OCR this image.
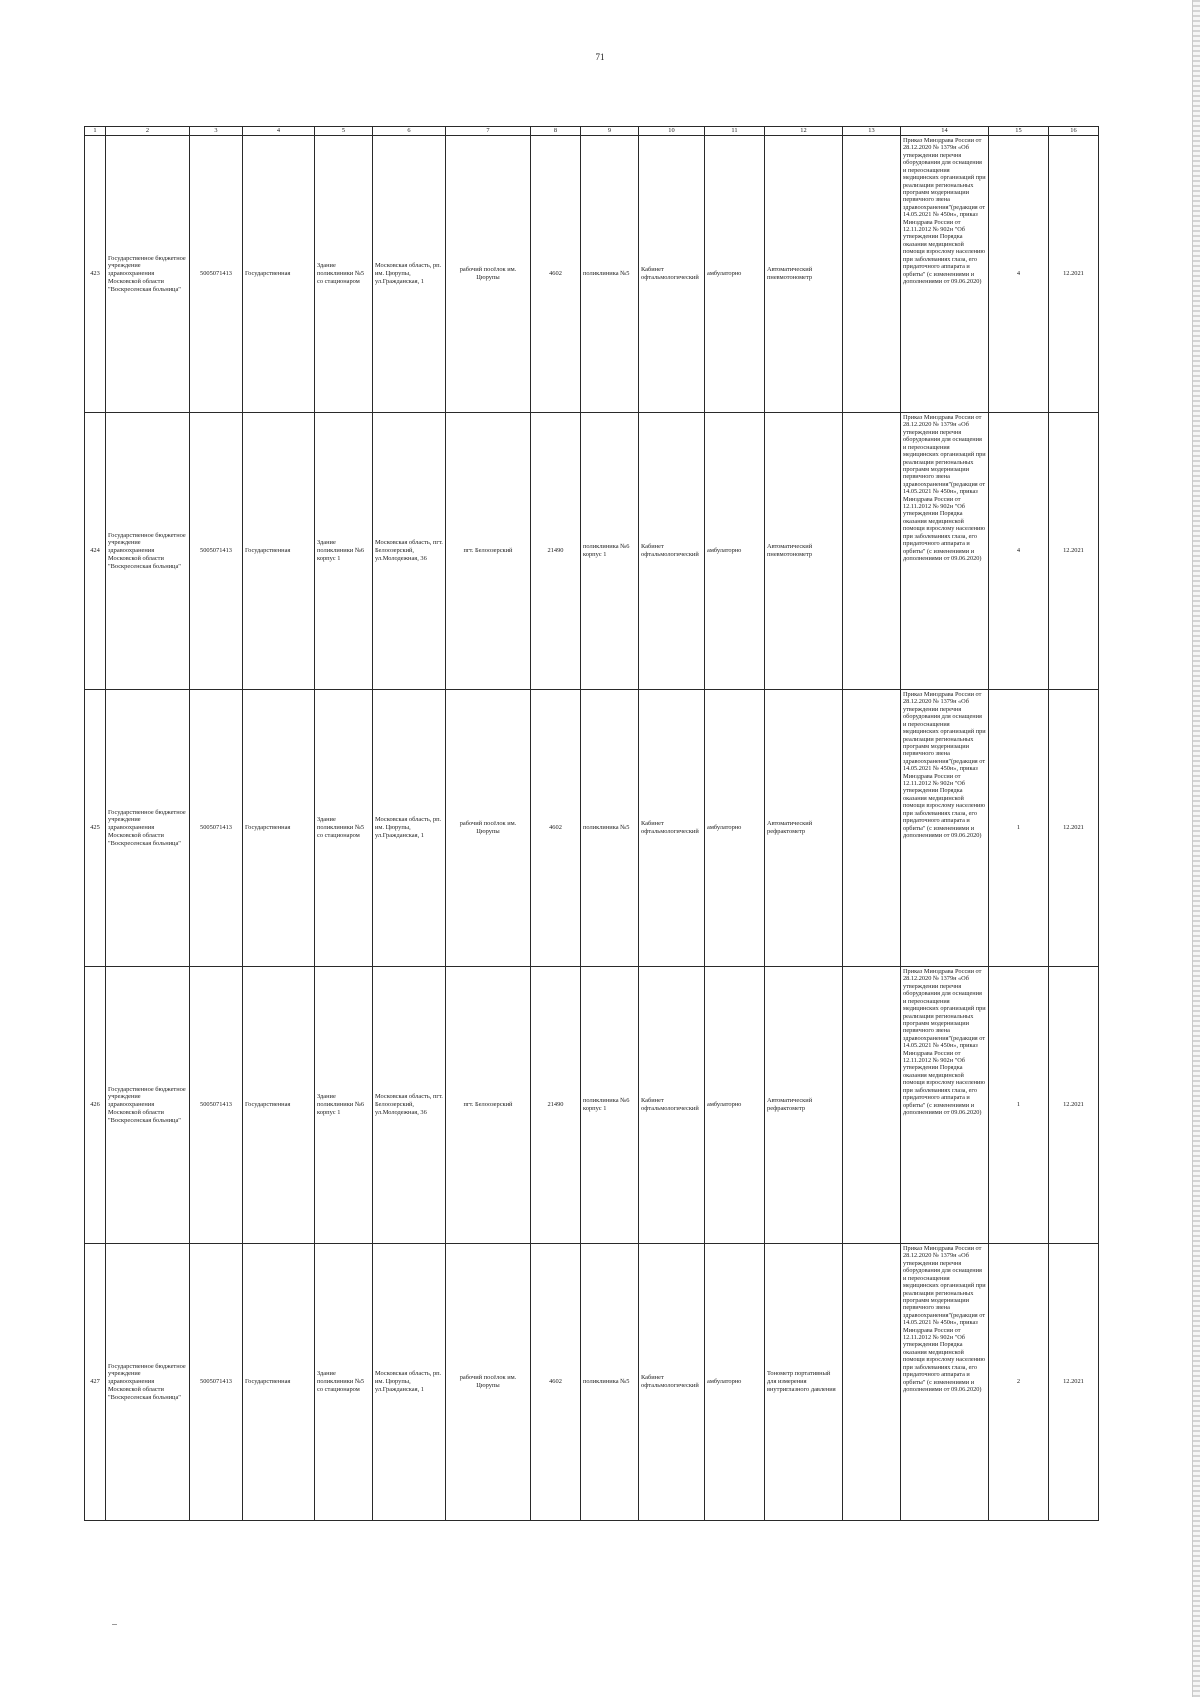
71
1	2	3	4	5	6	7	8	9	10	11	12	13	14	15	16
423	Государственное бюджетное учреждение здравоохранения Московской области "Воскресенская больница"	5005071413	Государственная	Здание поликлиники №5 со стационаром	Московская область, рп. им. Цюрупы, ул.Гражданская, 1	рабочий посёлок им. Цюрупы	4602	поликлиника №5	Кабинет офтальмологический	амбулаторно	Автоматический пневмотонометр		Приказ Минздрава России от 28.12.2020 № 1379н «Об утверждении перечня оборудования для оснащения и переоснащения медицинских организаций при реализации региональных программ модернизации первичного звена здравоохранения"(редакция от 14.05.2021 № 450н», приказ Минздрава России от 12.11.2012 № 902н "Об утверждении Порядка оказания медицинской помощи взрослому населению при заболеваниях глаза, его придаточного аппарата и орбиты" (с изменениями и дополнениями от 09.06.2020)	4	12.2021
424	Государственное бюджетное учреждение здравоохранения Московской области "Воскресенская больница"	5005071413	Государственная	Здание поликлиники №6 корпус 1	Московская область, пгт. Белоозерский, ул.Молодежная, 36	пгт. Белоозерский	21490	поликлиника №6 корпус 1	Кабинет офтальмологический	амбулаторно	Автоматический пневмотонометр		Приказ Минздрава России от 28.12.2020 № 1379н «Об утверждении перечня оборудования для оснащения и переоснащения медицинских организаций при реализации региональных программ модернизации первичного звена здравоохранения"(редакция от 14.05.2021 № 450н», приказ Минздрава России от 12.11.2012 № 902н "Об утверждении Порядка оказания медицинской помощи взрослому населению при заболеваниях глаза, его придаточного аппарата и орбиты" (с изменениями и дополнениями от 09.06.2020)	4	12.2021
425	Государственное бюджетное учреждение здравоохранения Московской области "Воскресенская больница"	5005071413	Государственная	Здание поликлиники №5 со стационаром	Московская область, рп. им. Цюрупы, ул.Гражданская, 1	рабочий посёлок им. Цюрупы	4602	поликлиника №5	Кабинет офтальмологический	амбулаторно	Автоматический рефрактометр		Приказ Минздрава России от 28.12.2020 № 1379н «Об утверждении перечня оборудования для оснащения и переоснащения медицинских организаций при реализации региональных программ модернизации первичного звена здравоохранения"(редакция от 14.05.2021 № 450н», приказ Минздрава России от 12.11.2012 № 902н "Об утверждении Порядка оказания медицинской помощи взрослому населению при заболеваниях глаза, его придаточного аппарата и орбиты" (с изменениями и дополнениями от 09.06.2020)	1	12.2021
426	Государственное бюджетное учреждение здравоохранения Московской области "Воскресенская больница"	5005071413	Государственная	Здание поликлиники №6 корпус 1	Московская область, пгт. Белоозерский, ул.Молодежная, 36	пгт. Белоозерский	21490	поликлиника №6 корпус 1	Кабинет офтальмологический	амбулаторно	Автоматический рефрактометр		Приказ Минздрава России от 28.12.2020 № 1379н «Об утверждении перечня оборудования для оснащения и переоснащения медицинских организаций при реализации региональных программ модернизации первичного звена здравоохранения"(редакция от 14.05.2021 № 450н», приказ Минздрава России от 12.11.2012 № 902н "Об утверждении Порядка оказания медицинской помощи взрослому населению при заболеваниях глаза, его придаточного аппарата и орбиты" (с изменениями и дополнениями от 09.06.2020)	1	12.2021
427	Государственное бюджетное учреждение здравоохранения Московской области "Воскресенская больница"	5005071413	Государственная	Здание поликлиники №5 со стационаром	Московская область, рп. им. Цюрупы, ул.Гражданская, 1	рабочий посёлок им. Цюрупы	4602	поликлиника №5	Кабинет офтальмологический	амбулаторно	Тонометр портативный для измерения внутриглазного давления		Приказ Минздрава России от 28.12.2020 № 1379н «Об утверждении перечня оборудования для оснащения и переоснащения медицинских организаций при реализации региональных программ модернизации первичного звена здравоохранения"(редакция от 14.05.2021 № 450н», приказ Минздрава России от 12.11.2012 № 902н "Об утверждении Порядка оказания медицинской помощи взрослому населению при заболеваниях глаза, его придаточного аппарата и орбиты" (с изменениями и дополнениями от 09.06.2020)	2	12.2021
